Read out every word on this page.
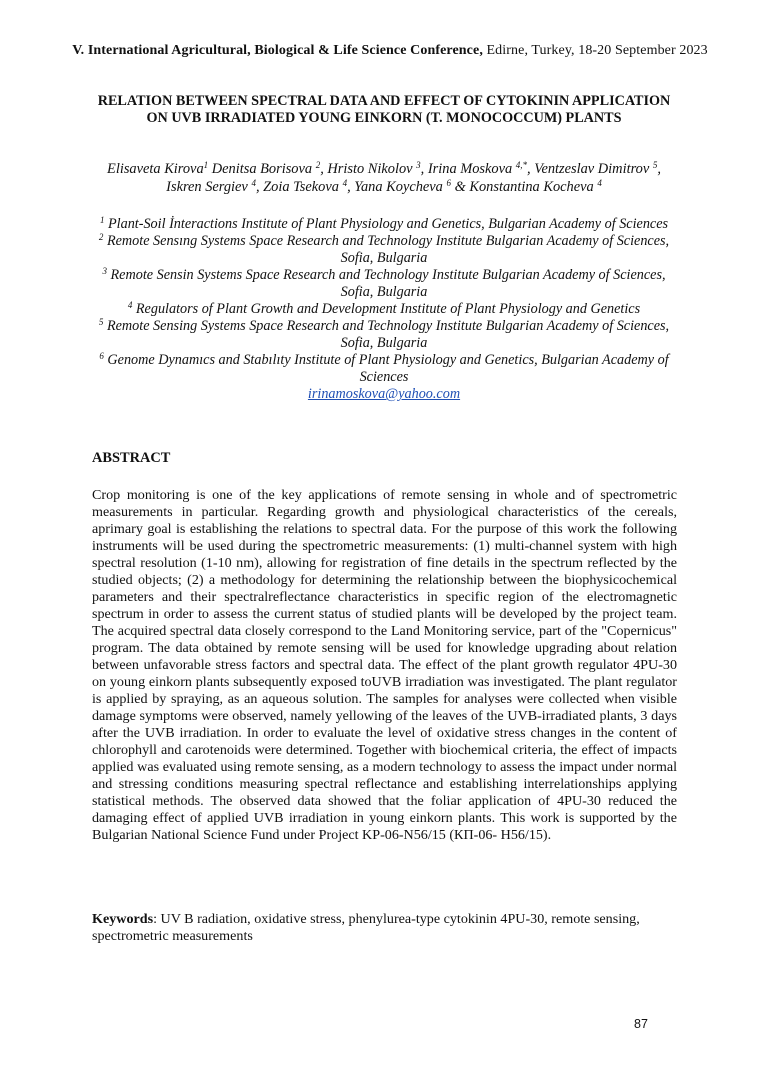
V. International Agricultural, Biological & Life Science Conference, Edirne, Turkey, 18-20 September 2023
RELATION BETWEEN SPECTRAL DATA AND EFFECT OF CYTOKININ APPLICATION ON UVB IRRADIATED YOUNG EINKORN (T. MONOCOCCUM) PLANTS
Elisaveta Kirova$^1$ Denitsa Borisova $^2$, Hristo Nikolov $^3$, Irina Moskova $^{4,*}$, Ventzeslav Dimitrov $^5$, Iskren Sergiev $^4$, Zoia Tsekova $^4$, Yana Koycheva $^6$ & Konstantina Kocheva $^4$

$^1$ Plant-Soil İnteractions Institute of Plant Physiology and Genetics, Bulgarian Academy of Sciences

$^2$ Remote Sensıng Systems Space Research and Technology Institute Bulgarian Academy of Sciences, Sofia, Bulgaria

$^3$ Remote Sensin Systems Space Research and Technology Institute Bulgarian Academy of Sciences, Sofia, Bulgaria

$^4$ Regulators of Plant Growth and Development Institute of Plant Physiology and Genetics

$^5$ Remote Sensing Systems Space Research and Technology Institute Bulgarian Academy of Sciences, Sofia, Bulgaria

$^6$ Genome Dynamıcs and Stabılıty Institute of Plant Physiology and Genetics, Bulgarian Academy of Sciences

irinamoskova@yahoo.com

ABSTRACT

Crop monitoring is one of the key applications of remote sensing in whole and of spectrometric measurements in particular. Regarding growth and physiological characteristics of the cereals, aprimary goal is establishing the relations to spectral data. For the purpose of this work the following instruments will be used during the spectrometric measurements: (1) multi-channel system with high spectral resolution (1-10 nm), allowing for registration of fine details in the spectrum reflected by the studied objects; (2) a methodology for determining the relationship between the biophysicochemical parameters and their spectralreflectance characteristics in specific region of the electromagnetic spectrum in order to assess the current status of studied plants will be developed by the project team. The acquired spectral data closely correspond to the Land Monitoring service, part of the "Copernicus" program. The data obtained by remote sensing will be used for knowledge upgrading about relation between unfavorable stress factors and spectral data. The effect of the plant growth regulator 4PU-30 on young einkorn plants subsequently exposed toUVB irradiation was investigated. The plant regulator is applied by spraying, as an aqueous solution. The samples for analyses were collected when visible damage symptoms were observed, namely yellowing of the leaves of the UVB-irradiated plants, 3 days after the UVB irradiation. In order to evaluate the level of oxidative stress changes in the content of chlorophyll and carotenoids were determined. Together with biochemical criteria, the effect of impacts applied was evaluated using remote sensing, as a modern technology to assess the impact under normal and stressing conditions measuring spectral reflectance and establishing interrelationships applying statistical methods. The observed data showed that the foliar application of 4PU-30 reduced the damaging effect of applied UVB irradiation in young einkorn plants. This work is supported by the Bulgarian National Science Fund under Project KP-06-N56/15 (КП-06- Н56/15).

Keywords: UV B radiation, oxidative stress, phenylurea-type cytokinin 4PU-30, remote sensing, spectrometric measurements

87
